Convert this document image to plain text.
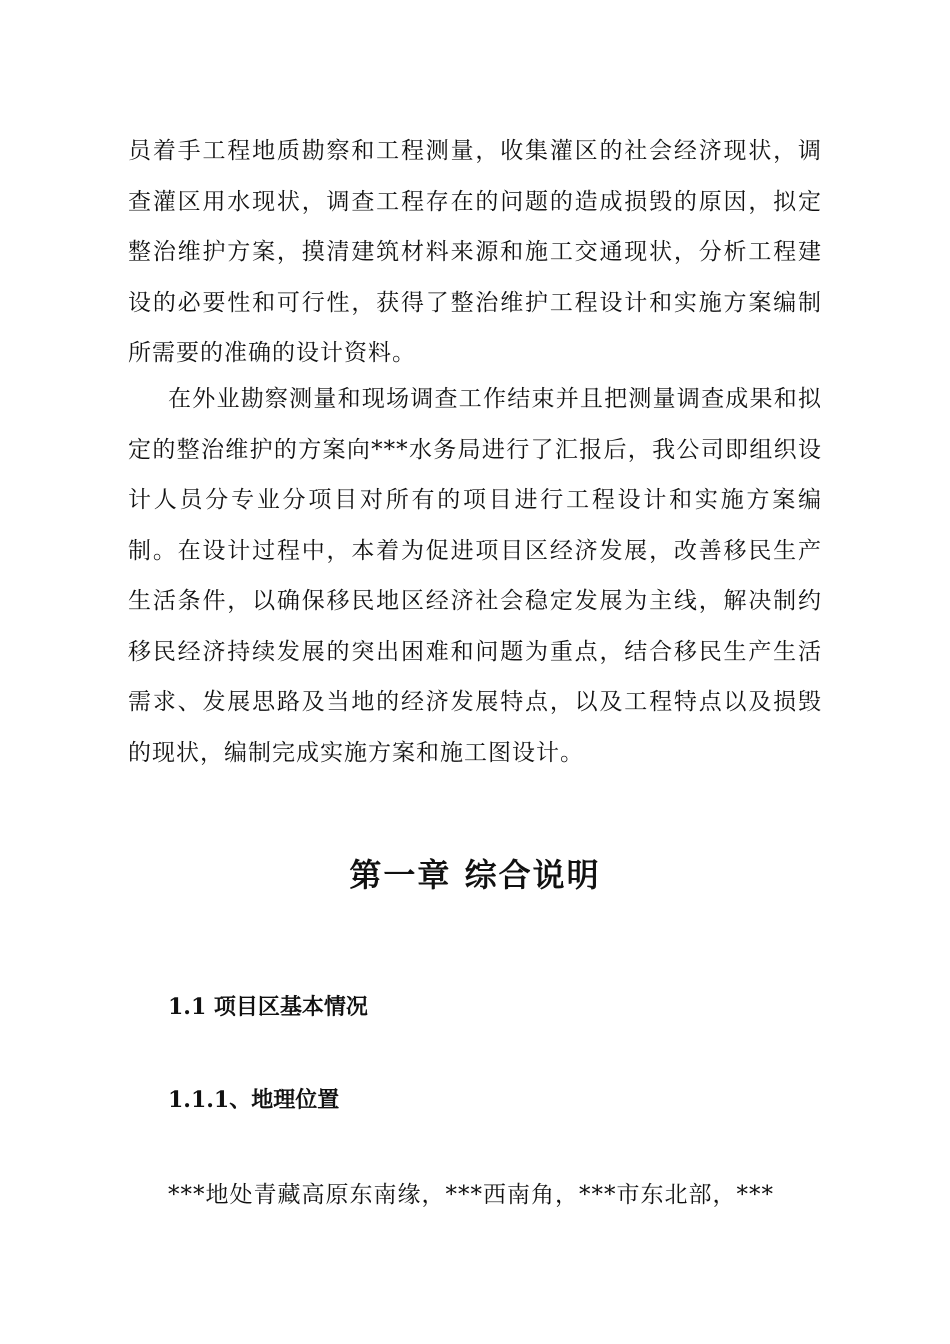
员着手工程地质勘察和工程测量，收集灌区的社会经济现状，调查灌区用水现状，调查工程存在的问题的造成损毁的原因，拟定整治维护方案，摸清建筑材料来源和施工交通现状，分析工程建设的必要性和可行性，获得了整治维护工程设计和实施方案编制所需要的准确的设计资料。

在外业勘察测量和现场调查工作结束并且把测量调查成果和拟定的整治维护的方案向***水务局进行了汇报后，我公司即组织设计人员分专业分项目对所有的项目进行工程设计和实施方案编制。在设计过程中，本着为促进项目区经济发展，改善移民生产生活条件，以确保移民地区经济社会稳定发展为主线，解决制约移民经济持续发展的突出困难和问题为重点，结合移民生产生活需求、发展思路及当地的经济发展特点，以及工程特点以及损毁的现状，编制完成实施方案和施工图设计。

第一章 综合说明
1.1 项目区基本情况
1.1.1、地理位置

***地处青藏高原东南缘，***西南角，***市东北部，***
